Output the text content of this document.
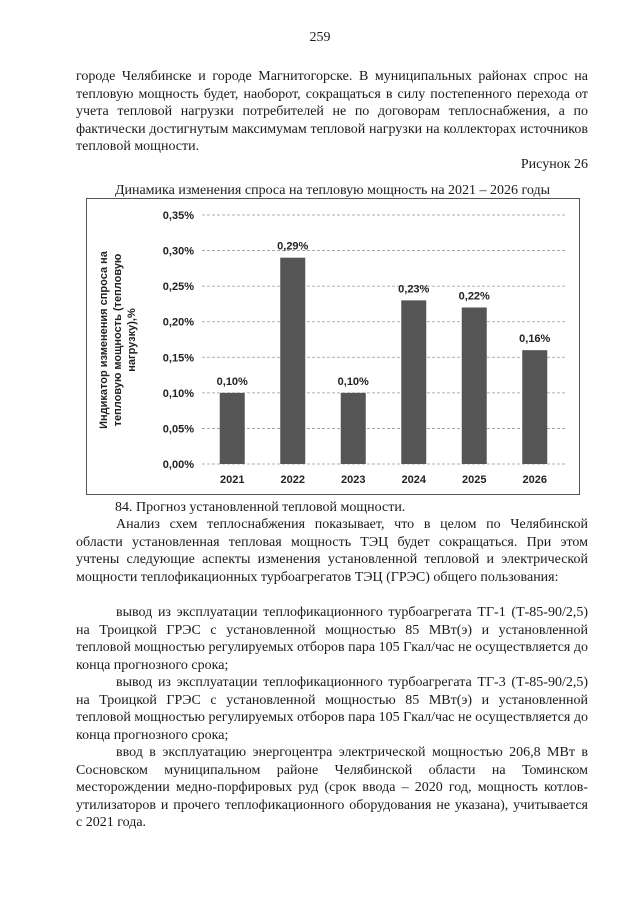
259

городе Челябинске и городе Магнитогорске. В муниципальных районах спрос на тепловую мощность будет, наоборот, сокращаться в силу постепенного перехода от учета тепловой нагрузки потребителей не по договорам теплоснабжения, а по фактически достигнутым максимумам тепловой нагрузки на коллекторах источников тепловой мощности.

Рисунок 26
Динамика изменения спроса на тепловую мощность на 2021 – 2026 годы
Индикатор изменения спроса на тепловую мощность (тепловую нагрузку),%
0,00%
0,05%
0,10%
0,15%
0,20%
0,25%
0,30%
0,35%
0,10%
0,29%
0,10%
0,23%
0,22%
0,16%
2021	2022	2023	2024	2025	2026

84. Прогноз установленной тепловой мощности.

Анализ схем теплоснабжения показывает, что в целом по Челябинской области установленная тепловая мощность ТЭЦ будет сокращаться. При этом учтены следующие аспекты изменения установленной тепловой и электрической мощности теплофикационных турбоагрегатов ТЭЦ (ГРЭС) общего пользования:

вывод из эксплуатации теплофикационного турбоагрегата ТГ-1 (Т-85-90/2,5) на Троицкой ГРЭС с установленной мощностью 85 МВт(э) и установленной тепловой мощностью регулируемых отборов пара 105 Гкал/час не осуществляется до конца прогнозного срока;

вывод из эксплуатации теплофикационного турбоагрегата ТГ-3 (Т-85-90/2,5) на Троицкой ГРЭС с установленной мощностью 85 МВт(э) и установленной тепловой мощностью регулируемых отборов пара 105 Гкал/час не осуществляется до конца прогнозного срока;

ввод в эксплуатацию энергоцентра электрической мощностью 206,8 МВт в Сосновском муниципальном районе Челябинской области на Томинском месторождении медно-порфировых руд (срок ввода – 2020 год, мощность котлов-утилизаторов и прочего теплофикационного оборудования не указана), учитывается с 2021 года.
